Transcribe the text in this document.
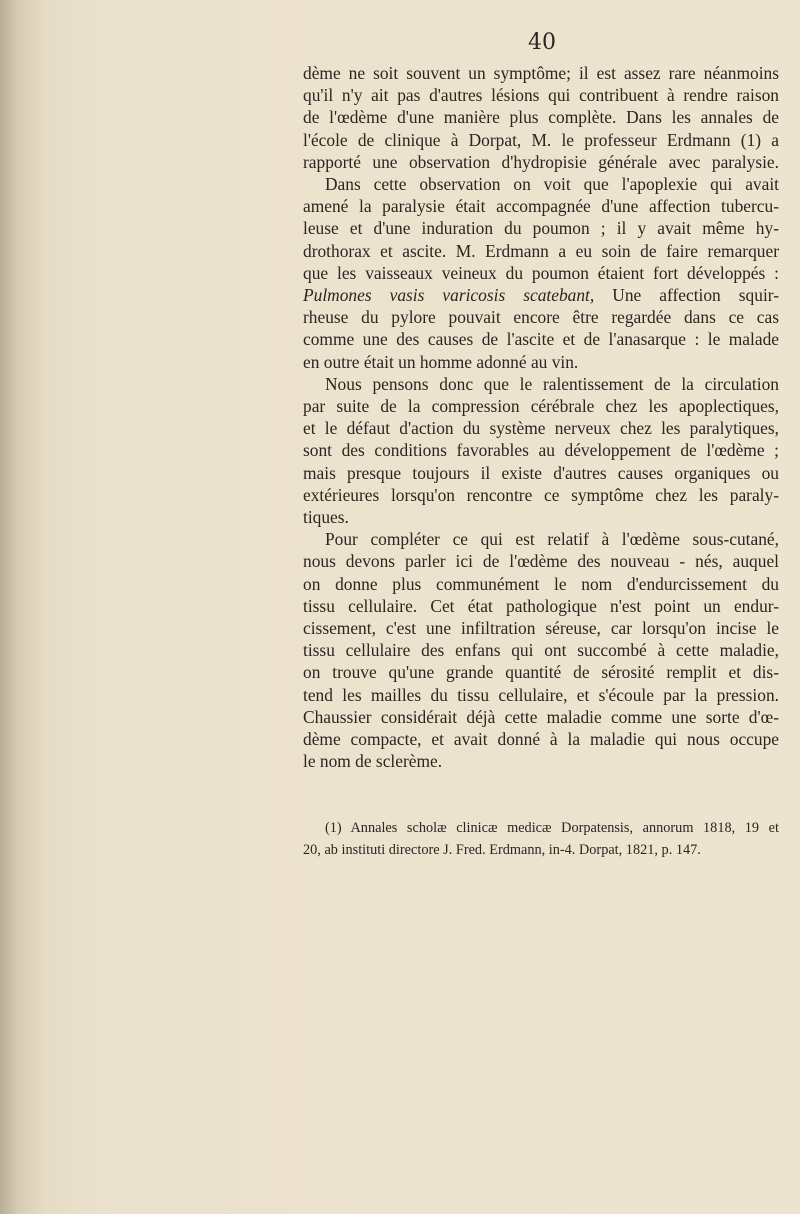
40

dème ne soit souvent un symptôme; il est assez rare néanmoins
qu'il n'y ait pas d'autres lésions qui contribuent à rendre raison
de l'œdème d'une manière plus complète. Dans les annales de
l'école de clinique à Dorpat, M. le professeur Erdmann (1) a
rapporté une observation d'hydropisie générale avec paralysie.

Dans cette observation on voit que l'apoplexie qui avait
amené la paralysie était accompagnée d'une affection tubercu-
leuse et d'une induration du poumon ; il y avait même hy-
drothorax et ascite. M. Erdmann a eu soin de faire remarquer
que les vaisseaux veineux du poumon étaient fort développés :
Pulmones vasis varicosis scatebant, Une affection squir-
rheuse du pylore pouvait encore être regardée dans ce cas
comme une des causes de l'ascite et de l'anasarque : le malade
en outre était un homme adonné au vin.

Nous pensons donc que le ralentissement de la circulation
par suite de la compression cérébrale chez les apoplectiques,
et le défaut d'action du système nerveux chez les paralytiques,
sont des conditions favorables au développement de l'œdème ;
mais presque toujours il existe d'autres causes organiques ou
extérieures lorsqu'on rencontre ce symptôme chez les paraly-
tiques.

Pour compléter ce qui est relatif à l'œdème sous-cutané,
nous devons parler ici de l'œdème des nouveau - nés, auquel
on donne plus communément le nom d'endurcissement du
tissu cellulaire. Cet état pathologique n'est point un endur-
cissement, c'est une infiltration séreuse, car lorsqu'on incise le
tissu cellulaire des enfans qui ont succombé à cette maladie,
on trouve qu'une grande quantité de sérosité remplit et dis-
tend les mailles du tissu cellulaire, et s'écoule par la pression.
Chaussier considérait déjà cette maladie comme une sorte d'œ-
dème compacte, et avait donné à la maladie qui nous occupe
le nom de sclerème.

(1) Annales scholæ clinicæ medicæ Dorpatensis, annorum 1818, 19 et
20, ab instituti directore J. Fred. Erdmann, in-4. Dorpat, 1821, p. 147.
